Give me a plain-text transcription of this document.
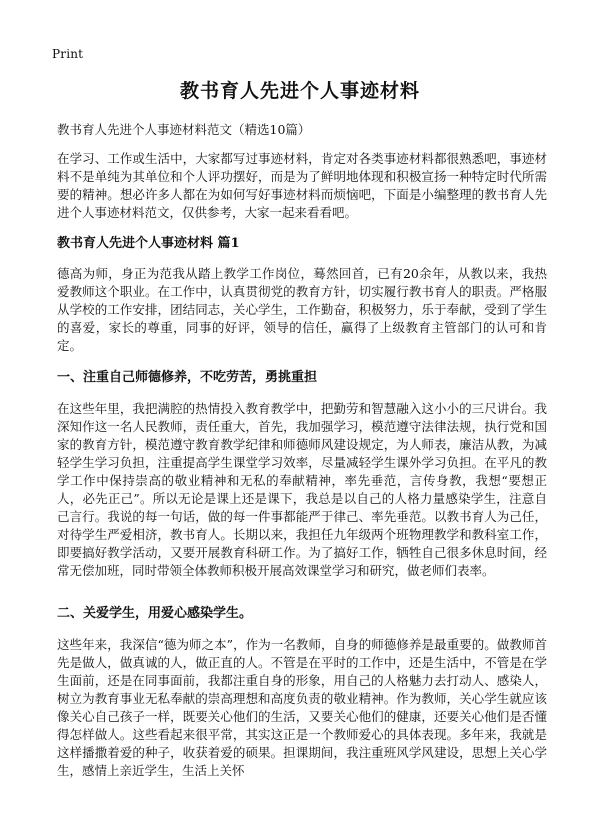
Print
教书育人先进个人事迹材料
教书育人先进个人事迹材料范文（精选10篇）

在学习、工作或生活中，大家都写过事迹材料，肯定对各类事迹材料都很熟悉吧，事迹材料不是单纯为其单位和个人评功摆好，而是为了鲜明地体现和积极宣扬一种特定时代所需要的精神。想必许多人都在为如何写好事迹材料而烦恼吧，下面是小编整理的教书育人先进个人事迹材料范文，仅供参考，大家一起来看看吧。

教书育人先进个人事迹材料 篇1

德高为师，身正为范我从踏上教学工作岗位，蓦然回首，已有20余年，从教以来，我热爱教师这个职业。在工作中，认真贯彻党的教育方针，切实履行教书育人的职责。严格服从学校的工作安排，团结同志，关心学生，工作勤奋，积极努力，乐于奉献，受到了学生的喜爱，家长的尊重，同事的好评，领导的信任，赢得了上级教育主管部门的认可和肯定。

一、注重自己师德修养，不吃劳苦，勇挑重担

在这些年里，我把满腔的热情投入教育教学中，把勤劳和智慧融入这小小的三尺讲台。我深知作这一名人民教师，责任重大，首先，我加强学习，模范遵守法律法规，执行党和国家的教育方针，模范遵守教育教学纪律和师德师风建设规定，为人师表，廉洁从教，为减轻学生学习负担，注重提高学生课堂学习效率，尽量减轻学生课外学习负担。在平凡的教学工作中保持崇高的敬业精神和无私的奉献精神，率先垂范，言传身教，我想“要想正人，必先正己”。所以无论是课上还是课下，我总是以自己的人格力量感染学生，注意自己言行。我说的每一句话，做的每一件事都能严于律己、率先垂范。以教书育人为己任，对待学生严爱相济，教书育人。长期以来，我担任九年级两个班物理教学和教科室工作，即要搞好教学活动，又要开展教育科研工作。为了搞好工作，牺牲自己很多休息时间，经常无偿加班，同时带领全体教师积极开展高效课堂学习和研究，做老师们表率。

二、关爱学生，用爱心感染学生。

这些年来，我深信“德为师之本”，作为一名教师，自身的师德修养是最重要的。做教师首先是做人，做真诚的人，做正直的人。不管是在平时的工作中，还是生活中，不管是在学生面前，还是在同事面前，我都注重自身的形象，用自己的人格魅力去打动人、感染人，树立为教育事业无私奉献的崇高理想和高度负责的敬业精神。作为教师，关心学生就应该像关心自己孩子一样，既要关心他们的生活，又要关心他们的健康，还要关心他们是否懂得怎样做人。这些看起来很平常，其实这正是一个教师爱心的具体表现。多年来，我就是这样播撒着爱的种子，收获着爱的硕果。担课期间，我注重班风学风建设，思想上关心学生，感情上亲近学生，生活上关怀
